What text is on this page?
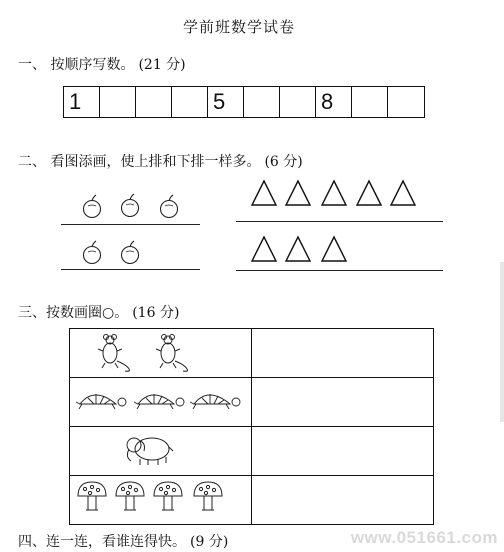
学前班数学试卷
一、 按顺序写数。 (21 分)
1	5	8
二、 看图添画，使上排和下排一样多。 (6 分)
三、按数画圈○。 (16 分)

四、连一连，看谁连得快。 (9 分)	www.051661.com
